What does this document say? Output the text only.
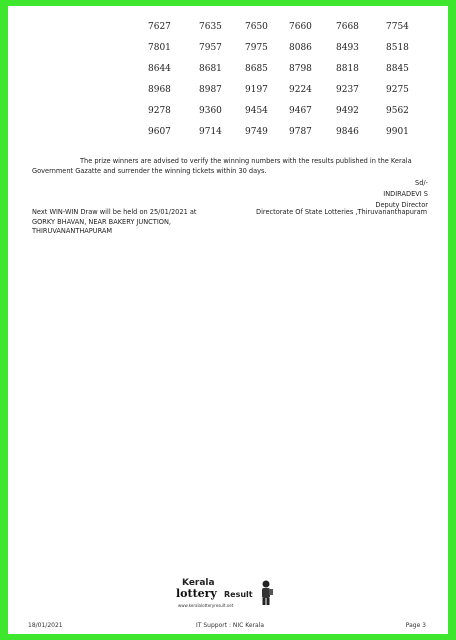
7627	7635	7650 7660	7668	7754
7801	7957	7975 8086	8493	8518
8644	8681	8685 8798	8818	8845
8968	8987	9197 9224	9237	9275
9278	9360	9454 9467	9492	9562
9607	9714	9749 9787	9846	9901
The prize winners are advised to verify the winning numbers with the results published in the Kerala
Government Gazatte and surrender the winning tickets within 30 days.
Sd/-
INDIRADEVI S
Deputy Director
Next WIN-WIN Draw will be held on 25/01/2021 at
GORKY BHAVAN, NEAR BAKERY JUNCTION,
THIRUVANANTHAPURAM
Directorate Of State Lotteries ,Thiruvananthapuram
Kerala
lottery Result
www.keralalotteryresult.net
18/01/2021	IT Support : NIC Kerala	Page 3
